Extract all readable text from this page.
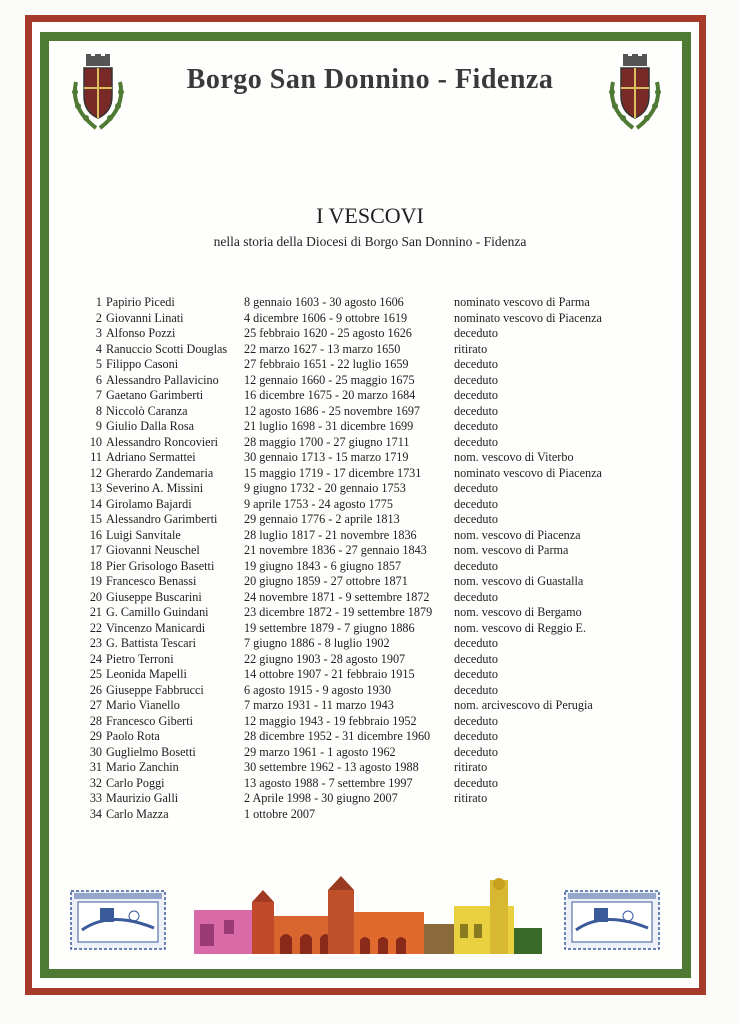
Borgo San Donnino - Fidenza
I VESCOVI
nella storia della Diocesi di Borgo San Donnino - Fidenza
1 Papirio Picedi	8 gennaio 1603 - 30 agosto 1606	nominato vescovo di Parma
2 Giovanni Linati	4 dicembre 1606 - 9 ottobre 1619	nominato vescovo di Piacenza
3 Alfonso Pozzi	25 febbraio 1620 - 25 agosto 1626	deceduto
4 Ranuccio Scotti Douglas 22 marzo 1627 - 13 marzo 1650	ritirato
5 Filippo Casoni	27 febbraio 1651 - 22 luglio 1659	deceduto
6 Alessandro Pallavicino 12 gennaio 1660 - 25 maggio 1675	deceduto
7 Gaetano Garimberti	16 dicembre 1675 - 20 marzo 1684	deceduto
8 Niccolò Caranza	12 agosto 1686 - 25 novembre 1697	deceduto
9 Giulio Dalla Rosa	21 luglio 1698 - 31 dicembre 1699	deceduto
10 Alessandro Roncovieri 28 maggio 1700 - 27 giugno 1711	deceduto
11 Adriano Sermattei	30 gennaio 1713 - 15 marzo 1719	nom. vescovo di Viterbo
12 Gherardo Zandemaria	15 maggio 1719 - 17 dicembre 1731	nominato vescovo di Piacenza
13 Severino A. Missini	9 giugno 1732 - 20 gennaio 1753	deceduto
14 Girolamo Bajardi	9 aprile 1753 - 24 agosto 1775	deceduto
15 Alessandro Garimberti 29 gennaio 1776 - 2 aprile 1813	deceduto
16 Luigi Sanvitale	28 luglio 1817 - 21 novembre 1836	nom. vescovo di Piacenza
17 Giovanni Neuschel	21 novembre 1836 - 27 gennaio 1843 nom. vescovo di Parma
18 Pier Grisologo Basetti 19 giugno 1843 - 6 giugno 1857	deceduto
19 Francesco Benassi	20 giugno 1859 - 27 ottobre 1871	nom. vescovo di Guastalla
20 Giuseppe Buscarini	24 novembre 1871 - 9 settembre 1872 deceduto
21 G. Camillo Guindani	23 dicembre 1872 - 19 settembre 1879 nom. vescovo di Bergamo
22 Vincenzo Manicardi	19 settembre 1879 - 7 giugno 1886	nom. vescovo di Reggio E.
23 G. Battista Tescari	7 giugno 1886 - 8 luglio 1902	deceduto
24 Pietro Terroni	22 giugno 1903 - 28 agosto 1907	deceduto
25 Leonida Mapelli	14 ottobre 1907 - 21 febbraio 1915	deceduto
26 Giuseppe Fabbrucci	6 agosto 1915 - 9 agosto 1930	deceduto
27 Mario Vianello	7 marzo 1931 - 11 marzo 1943	nom. arcivescovo di Perugia
28 Francesco Giberti	12 maggio 1943 - 19 febbraio 1952	deceduto
29 Paolo Rota	28 dicembre 1952 - 31 dicembre 1960 deceduto
30 Guglielmo Bosetti	29 marzo 1961 - 1 agosto 1962	deceduto
31 Mario Zanchin	30 settembre 1962 - 13 agosto 1988	ritirato
32 Carlo Poggi	13 agosto 1988 - 7 settembre 1997	deceduto
33 Maurizio Galli	2 Aprile 1998 - 30 giugno 2007	ritirato
34 Carlo Mazza	1 ottobre 2007
